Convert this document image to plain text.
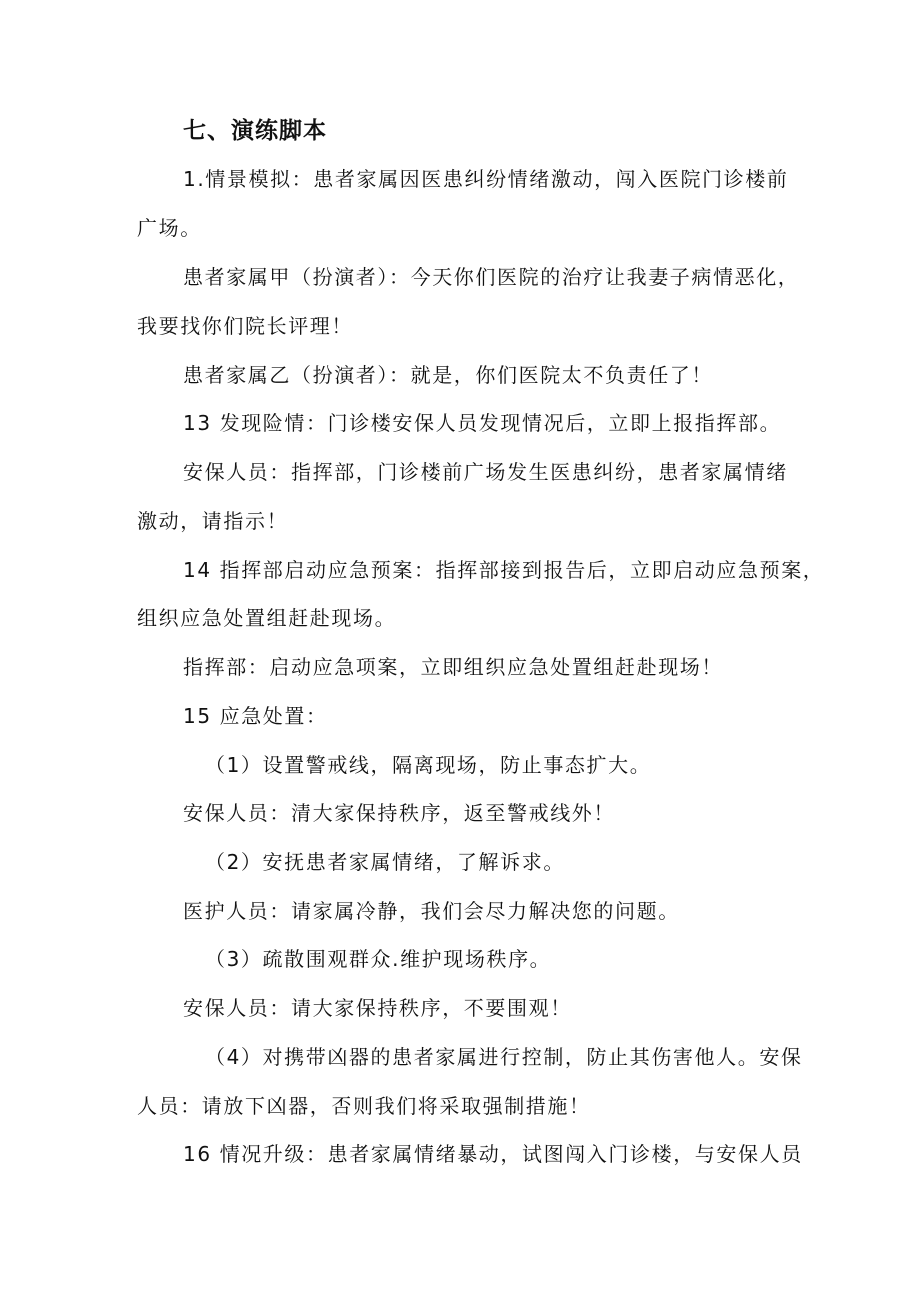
七、演练脚本
1.情景模拟：患者家属因医患纠纷情绪激动，闯入医院门诊楼前
广场。
患者家属甲（扮演者）：今天你们医院的治疗让我妻子病情恶化，
我要找你们院长评理！
患者家属乙（扮演者）：就是，你们医院太不负责任了！
13 发现险情：门诊楼安保人员发现情况后，立即上报指挥部。
安保人员：指挥部，门诊楼前广场发生医患纠纷，患者家属情绪
激动，请指示！
14 指挥部启动应急预案：指挥部接到报告后，立即启动应急预案，
组织应急处置组赶赴现场。
指挥部：启动应急项案，立即组织应急处置组赶赴现场！
15 应急处置：
（1）设置警戒线，隔离现场，防止事态扩大。
安保人员：清大家保持秩序，返至警戒线外！
（2）安抚患者家属情绪，了解诉求。
医护人员：请家属冷静，我们会尽力解决您的问题。
（3）疏散围观群众.维护现场秩序。
安保人员：请大家保持秩序，不要围观！
（4）对携带凶器的患者家属进行控制，防止其伤害他人。安保
人员：请放下凶器，否则我们将采取强制措施！
16 情况升级：患者家属情绪暴动，试图闯入门诊楼，与安保人员
